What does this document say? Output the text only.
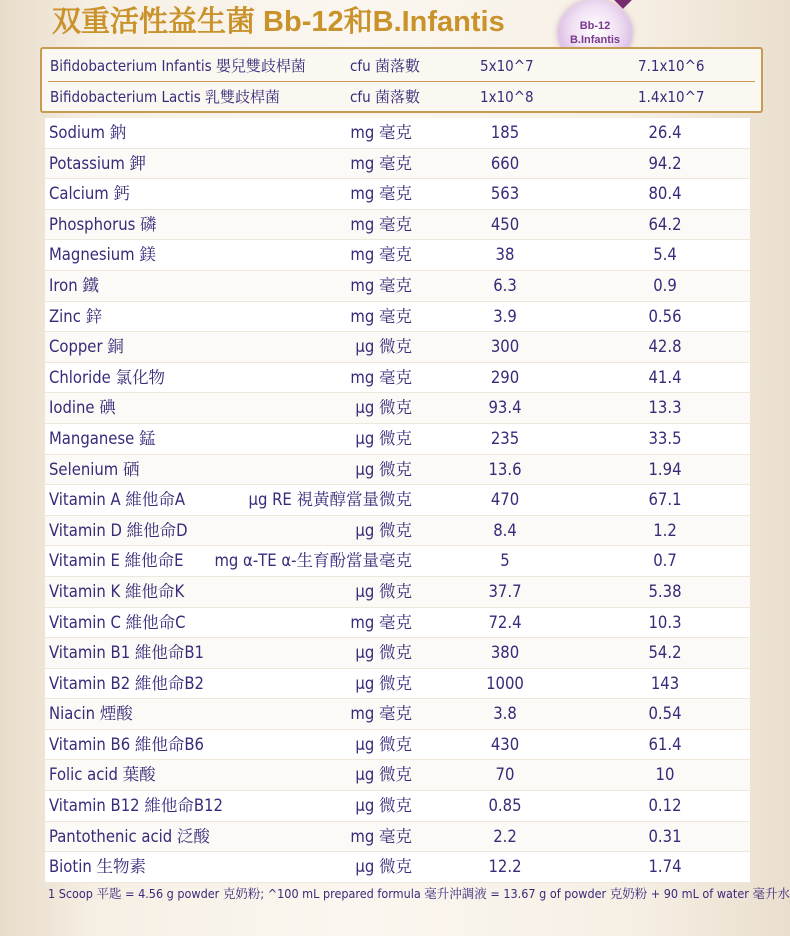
双重活性益生菌 Bb-12和B.Infantis	Bb-12
B.Infantis
Bifidobacterium Infantis 嬰兒雙歧桿菌	cfu 菌落數	5x10^7	7.1x10^6
Bifidobacterium Lactis 乳雙歧桿菌	cfu 菌落數	1x10^8	1.4x10^7
Sodium 鈉	mg 毫克	185	26.4
Potassium 鉀	mg 毫克	660	94.2
Calcium 鈣	mg 毫克	563	80.4
Phosphorus 磷	mg 毫克	450	64.2
Magnesium 鎂	mg 毫克	38	5.4
Iron 鐵	mg 毫克	6.3	0.9
Zinc 鋅	mg 毫克	3.9	0.56
Copper 銅	μg 微克	300	42.8
Chloride 氯化物	mg 毫克	290	41.4
Iodine 碘	μg 微克	93.4	13.3
Manganese 錳	μg 微克	235	33.5
Selenium 硒	μg 微克	13.6	1.94
Vitamin A 維他命A	μg RE 視黃醇當量微克	470	67.1
Vitamin D 維他命D	μg 微克	8.4	1.2
Vitamin E 維他命E mg α-TE α-生育酚當量毫克	5	0.7
Vitamin K 維他命K	μg 微克	37.7	5.38
Vitamin C 維他命C	mg 毫克	72.4	10.3
Vitamin B1 維他命B1	μg 微克	380	54.2
Vitamin B2 維他命B2	μg 微克	1000	143
Niacin 煙酸	mg 毫克	3.8	0.54
Vitamin B6 維他命B6	μg 微克	430	61.4
Folic acid 葉酸	μg 微克	70	10
Vitamin B12 維他命B12	μg 微克	0.85	0.12
Pantothenic acid 泛酸	mg 毫克	2.2	0.31
Biotin 生物素	μg 微克	12.2	1.74
1 Scoop 平匙 = 4.56 g powder 克奶粉; ^100 mL prepared formula 毫升沖調液 = 13.67 g of powder 克奶粉 + 90 mL of water 毫升水
